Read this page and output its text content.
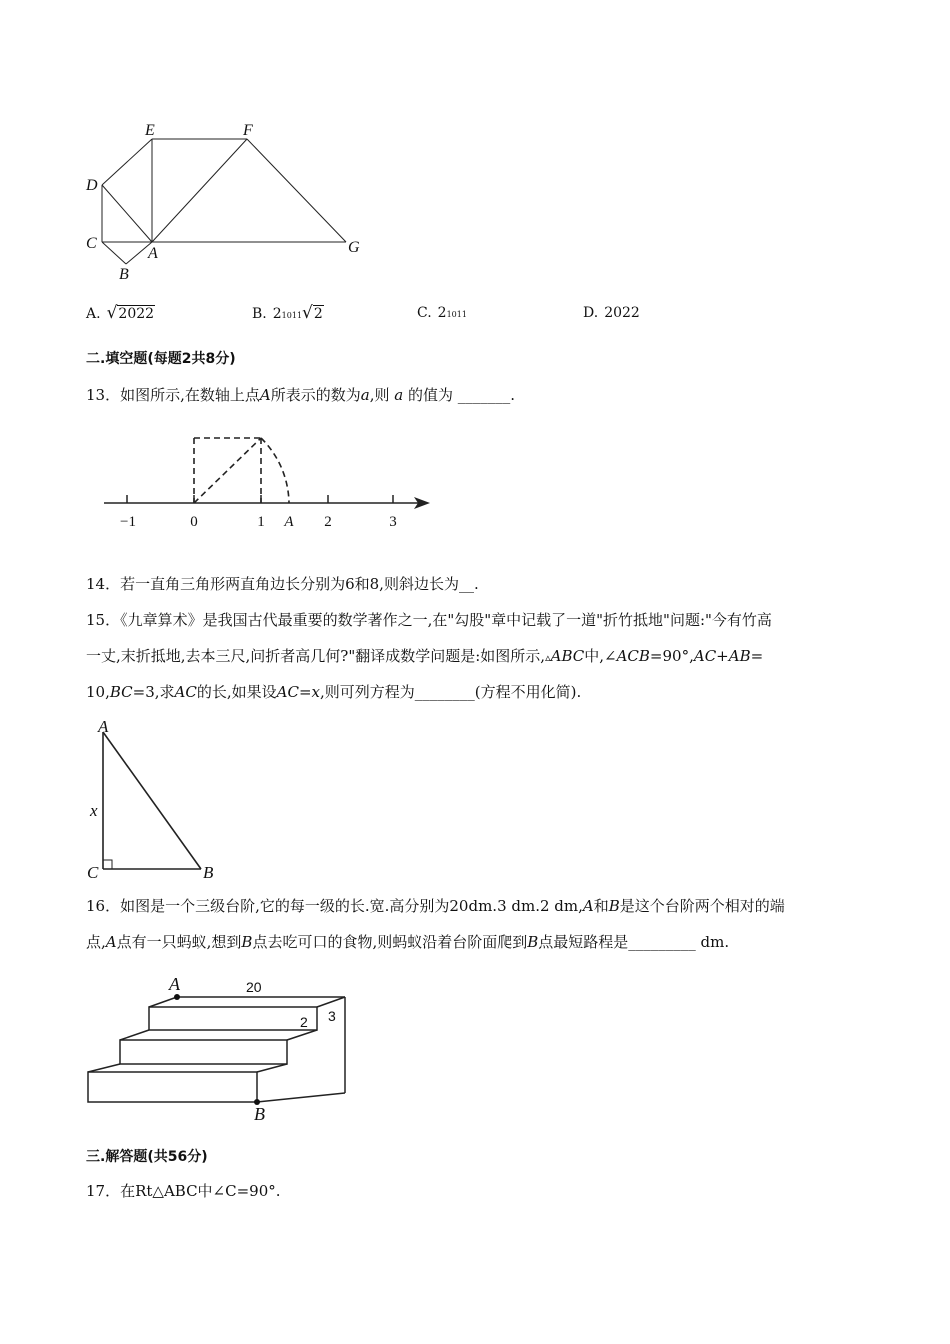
E	F
D
C
A
B
G
A. √ 2022	B. 2 1011 √ 2	C. 2 1011	D. 2022
二.填空题(每题2共8分)
13．如图所示,在数轴上点A所表示的数为a,则 a 的值为 _______.
−1	0	1	2	3
A
14．若一直角三角形两直角边长分别为6和8,则斜边长为__.
15．《九章算术》是我国古代最重要的数学著作之一,在"勾股"章中记载了一道"折竹抵地"问题:"今有竹高
一丈,末折抵地,去本三尺,问折者高几何?"翻译成数学问题是:如图所示,▵ABC中,∠ACB=90°,AC+AB=
10,BC=3,求AC的长,如果设AC=x,则可列方程为________(方程不用化简).
A
x
C	B
16．如图是一个三级台阶,它的每一级的长.宽.高分别为20dm.3 dm.2 dm,A和B是这个台阶两个相对的端
点,A点有一只蚂蚁,想到B点去吃可口的食物,则蚂蚁沿着台阶面爬到B点最短路程是_________ dm.
A
B
20
2 3
三.解答题(共56分)
17．在Rt△ABC中∠C=90°.
